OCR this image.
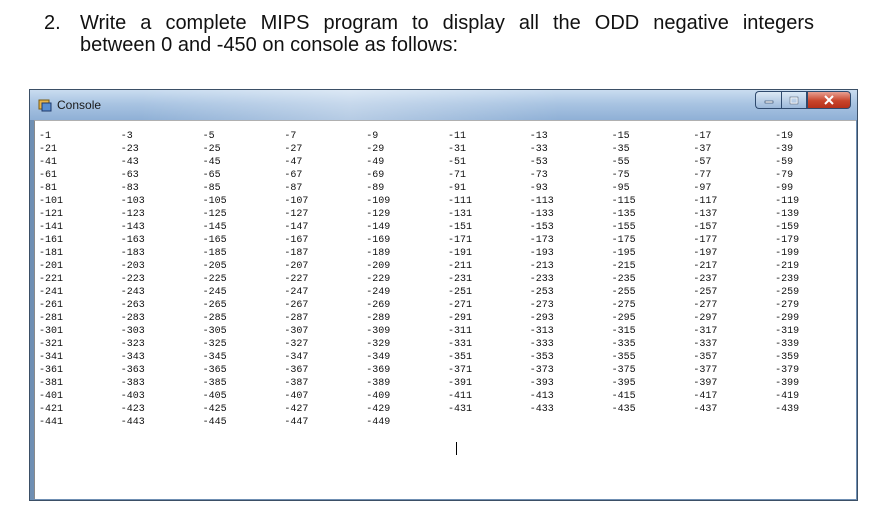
2. Write a complete MIPS program to display all the ODD negative integers
between 0 and -450 on console as follows:
Console
-1	-3	-5	-7	-9	-11	-13	-15	-17	-19
-21	-23	-25	-27	-29	-31	-33	-35	-37	-39
-41	-43	-45	-47	-49	-51	-53	-55	-57	-59
-61	-63	-65	-67	-69	-71	-73	-75	-77	-79
-81	-83	-85	-87	-89	-91	-93	-95	-97	-99
-101	-103	-105	-107	-109	-111	-113	-115	-117	-119
-121	-123	-125	-127	-129	-131	-133	-135	-137	-139
-141	-143	-145	-147	-149	-151	-153	-155	-157	-159
-161	-163	-165	-167	-169	-171	-173	-175	-177	-179
-181	-183	-185	-187	-189	-191	-193	-195	-197	-199
-201	-203	-205	-207	-209	-211	-213	-215	-217	-219
-221	-223	-225	-227	-229	-231	-233	-235	-237	-239
-241	-243	-245	-247	-249	-251	-253	-255	-257	-259
-261	-263	-265	-267	-269	-271	-273	-275	-277	-279
-281	-283	-285	-287	-289	-291	-293	-295	-297	-299
-301	-303	-305	-307	-309	-311	-313	-315	-317	-319
-321	-323	-325	-327	-329	-331	-333	-335	-337	-339
-341	-343	-345	-347	-349	-351	-353	-355	-357	-359
-361	-363	-365	-367	-369	-371	-373	-375	-377	-379
-381	-383	-385	-387	-389	-391	-393	-395	-397	-399
-401	-403	-405	-407	-409	-411	-413	-415	-417	-419
-421	-423	-425	-427	-429	-431	-433	-435	-437	-439
-441	-443	-445	-447	-449
